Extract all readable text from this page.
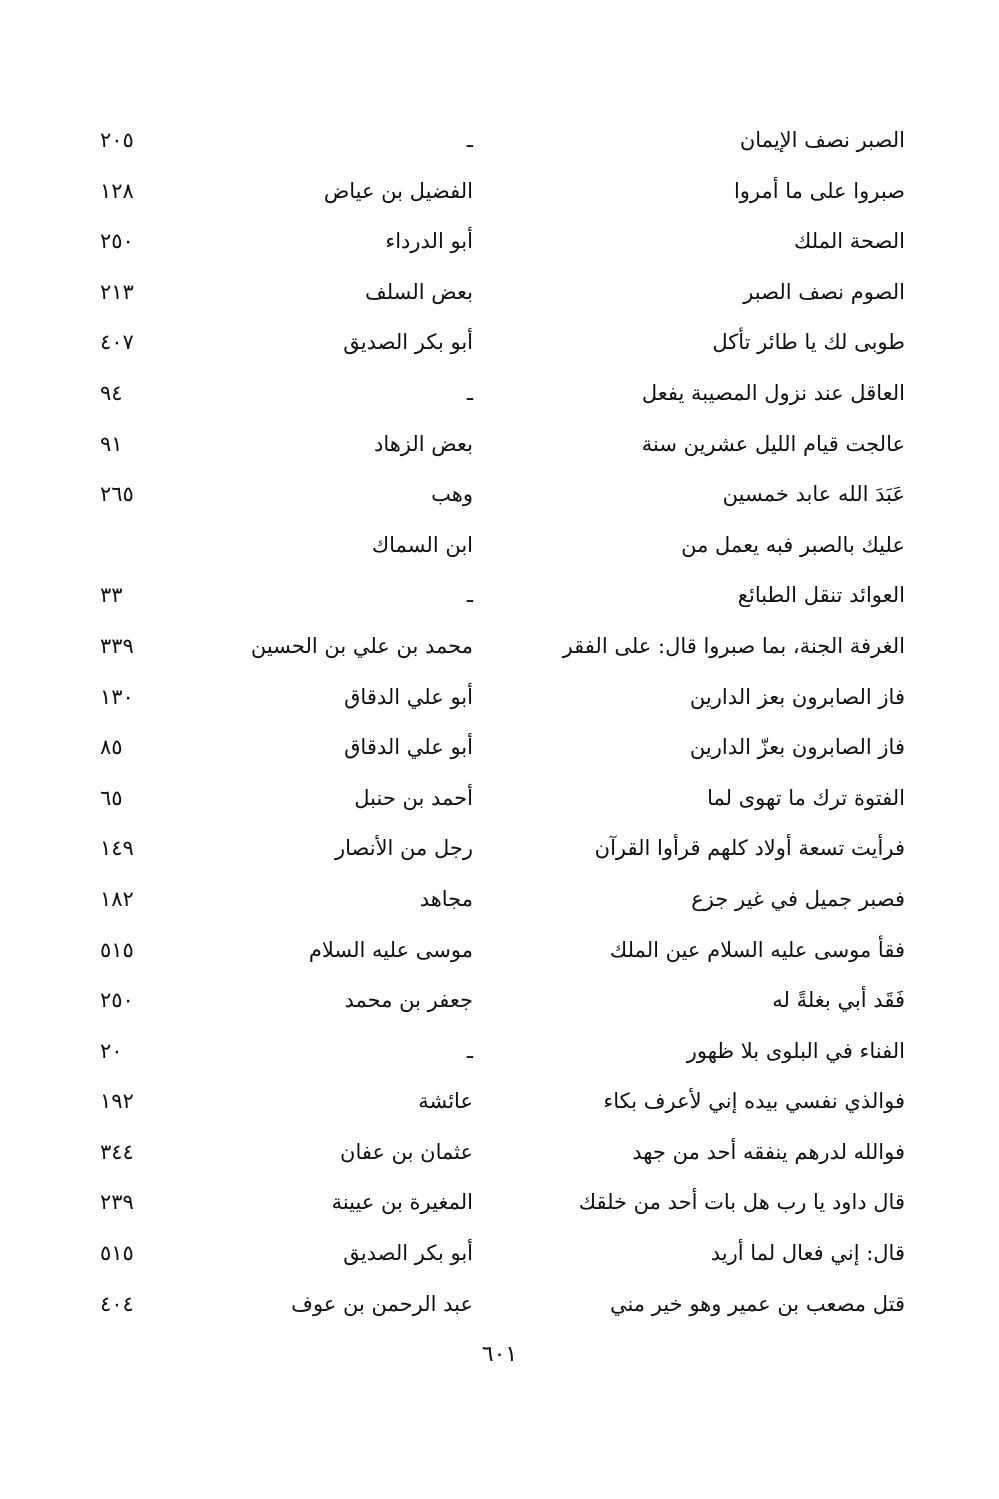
الصبر نصف الإيمان
ـ
٢٠٥
صبروا على ما أمروا
الفضيل بن عياض
١٢٨
الصحة الملك
أبو الدرداء
٢٥٠
الصوم نصف الصبر
بعض السلف
٢١٣
طوبى لك يا طائر تأكل
أبو بكر الصديق
٤٠٧
العاقل عند نزول المصيبة يفعل
ـ
٩٤
عالجت قيام الليل عشرين سنة
بعض الزهاد
٩١
عَبَدَ الله عابد خمسين
وهب
٢٦٥
عليك بالصبر فبه يعمل من
ابن السماك
العوائد تنقل الطبائع
ـ
٣٣
الغرفة الجنة، بما صبروا قال: على الفقر
محمد بن علي بن الحسين
٣٣٩
فاز الصابرون بعز الدارين
أبو علي الدقاق
١٣٠
فاز الصابرون بعزّ الدارين
أبو علي الدقاق
٨٥
الفتوة ترك ما تهوى لما
أحمد بن حنبل
٦٥
فرأيت تسعة أولاد كلهم قرأوا القرآن
رجل من الأنصار
١٤٩
فصبر جميل في غير جزع
مجاهد
١٨٢
فقأ موسى عليه السلام عين الملك
موسى عليه السلام
٥١٥
فَقَد أبي بغلةً له
جعفر بن محمد
٢٥٠
الفناء في البلوى بلا ظهور
ـ
٢٠
فوالذي نفسي بيده إني لأعرف بكاء
عائشة
١٩٢
فوالله لدرهم ينفقه أحد من جهد
عثمان بن عفان
٣٤٤
قال داود يا رب هل بات أحد من خلقك
المغيرة بن عيينة
٢٣٩
قال: إني فعال لما أريد
أبو بكر الصديق
٥١٥
قتل مصعب بن عمير وهو خير مني
عبد الرحمن بن عوف
٤٠٤
٦٠١
